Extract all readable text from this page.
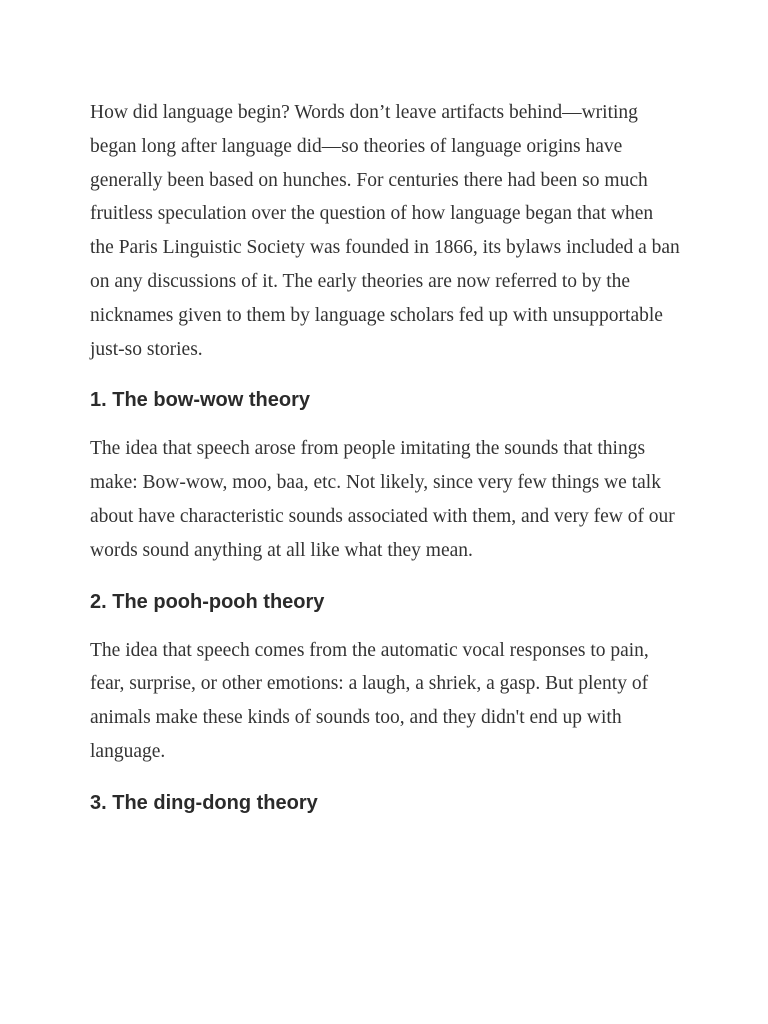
How did language begin? Words don’t leave artifacts behind—writing began long after language did—so theories of language origins have generally been based on hunches. For centuries there had been so much fruitless speculation over the question of how language began that when the Paris Linguistic Society was founded in 1866, its bylaws included a ban on any discussions of it. The early theories are now referred to by the nicknames given to them by language scholars fed up with unsupportable just-so stories.

1. The bow-wow theory

The idea that speech arose from people imitating the sounds that things make: Bow-wow, moo, baa, etc. Not likely, since very few things we talk about have characteristic sounds associated with them, and very few of our words sound anything at all like what they mean.

2. The pooh-pooh theory

The idea that speech comes from the automatic vocal responses to pain, fear, surprise, or other emotions: a laugh, a shriek, a gasp. But plenty of animals make these kinds of sounds too, and they didn't end up with language.

3. The ding-dong theory
